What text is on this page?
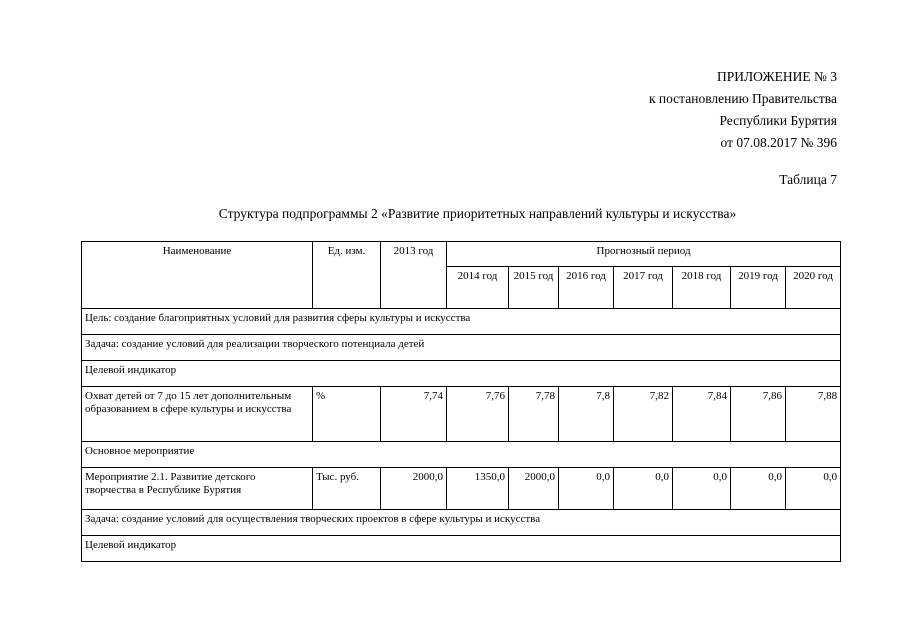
ПРИЛОЖЕНИЕ № 3
к постановлению Правительства
Республики Бурятия
от 07.08.2017 № 396
Таблица 7
Структура подпрограммы 2 «Развитие приоритетных направлений культуры и искусства»
Наименование	Ед. изм.	2013 год	Прогнозный период						
			2014 год	2015 год	2016 год	2017 год	2018 год	2019 год	2020 год
Цель: создание благоприятных условий для развития сферы культуры и искусства									
Задача: создание условий для реализации творческого потенциала детей									
Целевой индикатор									
Охват детей от 7 до 15 лет дополнительным образованием в сфере культуры и искусства	%	7,74	7,76	7,78	7,8	7,82	7,84	7,86	7,88
Основное мероприятие									
Мероприятие 2.1. Развитие детского творчества в Республике Бурятия	Тыс. руб.	2000,0	1350,0	2000,0	0,0	0,0	0,0	0,0	0,0
Задача: создание условий для осуществления творческих проектов в сфере культуры и искусства									
Целевой индикатор									
